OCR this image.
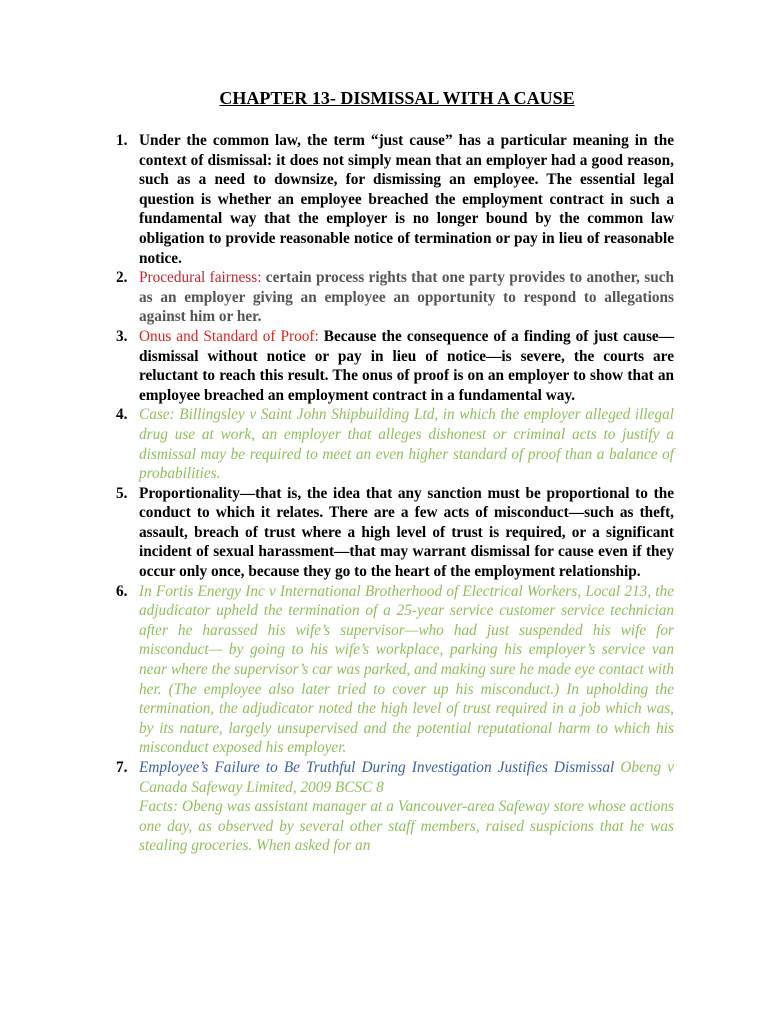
CHAPTER 13- DISMISSAL WITH A CAUSE
1. Under the common law, the term “just cause” has a particular meaning in the context of dismissal: it does not simply mean that an employer had a good reason, such as a need to downsize, for dismissing an employee. The essential legal question is whether an employee breached the employment contract in such a fundamental way that the employer is no longer bound by the common law obligation to provide reasonable notice of termination or pay in lieu of reasonable notice.
2. Procedural fairness: certain process rights that one party provides to another, such as an employer giving an employee an opportunity to respond to allegations against him or her.
3. Onus and Standard of Proof: Because the consequence of a finding of just cause—dismissal without notice or pay in lieu of notice—is severe, the courts are reluctant to reach this result. The onus of proof is on an employer to show that an employee breached an employment contract in a fundamental way.
4. Case: Billingsley v Saint John Shipbuilding Ltd, in which the employer alleged illegal drug use at work, an employer that alleges dishonest or criminal acts to justify a dismissal may be required to meet an even higher standard of proof than a balance of probabilities.
5. Proportionality—that is, the idea that any sanction must be proportional to the conduct to which it relates. There are a few acts of misconduct—such as theft, assault, breach of trust where a high level of trust is required, or a significant incident of sexual harassment—that may warrant dismissal for cause even if they occur only once, because they go to the heart of the employment relationship.
6. In Fortis Energy Inc v International Brotherhood of Electrical Workers, Local 213, the adjudicator upheld the termination of a 25-year service customer service technician after he harassed his wife’s supervisor—who had just suspended his wife for misconduct— by going to his wife’s workplace, parking his employer’s service van near where the supervisor’s car was parked, and making sure he made eye contact with her. (The employee also later tried to cover up his misconduct.) In upholding the termination, the adjudicator noted the high level of trust required in a job which was, by its nature, largely unsupervised and the potential reputational harm to which his misconduct exposed his employer.
7. Employee’s Failure to Be Truthful During Investigation Justifies Dismissal Obeng v Canada Safeway Limited, 2009 BCSC 8
Facts: Obeng was assistant manager at a Vancouver-area Safeway store whose actions one day, as observed by several other staff members, raised suspicions that he was stealing groceries. When asked for an
